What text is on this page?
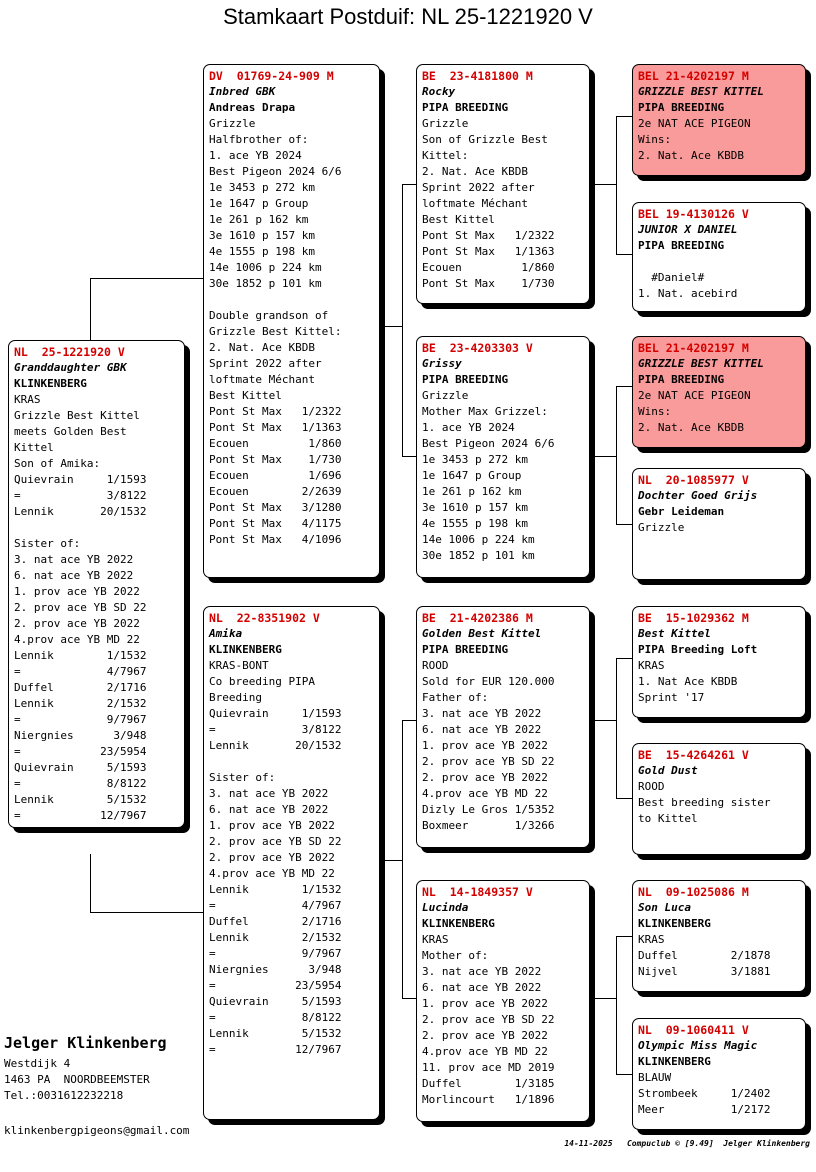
Stamkaart Postduif: NL 25-1221920 V
NL  25-1221920 V
Granddaughter GBK
KLINKENBERG
KRAS
Grizzle Best Kittel
meets Golden Best
Kittel
Son of Amika:
Quievrain     1/1593
=             3/8122
Lennik       20/1532
Sister of:
3. nat ace YB 2022
6. nat ace YB 2022
1. prov ace YB 2022
2. prov ace YB SD 22
2. prov ace YB 2022
4.prov ace YB MD 22
Lennik        1/1532
=             4/7967
Duffel        2/1716
Lennik        2/1532
=             9/7967
Niergnies      3/948
=            23/5954
Quievrain     5/1593
=             8/8122
Lennik        5/1532
=            12/7967
DV  01769-24-909 M
Inbred GBK
Andreas Drapa
Grizzle
Halfbrother of:
1. ace YB 2024
Best Pigeon 2024 6/6
1e 3453 p 272 km
1e 1647 p Group
1e 261 p 162 km
3e 1610 p 157 km
4e 1555 p 198 km
14e 1006 p 224 km
30e 1852 p 101 km
Double grandson of
Grizzle Best Kittel:
2. Nat. Ace KBDB
Sprint 2022 after
loftmate Méchant
Best Kittel
Pont St Max   1/2322
Pont St Max   1/1363
Ecouen         1/860
Pont St Max    1/730
Ecouen         1/696
Ecouen        2/2639
Pont St Max   3/1280
Pont St Max   4/1175
Pont St Max   4/1096
NL  22-8351902 V
Amika
KLINKENBERG
KRAS-BONT
Co breeding PIPA
Breeding
Quievrain     1/1593
=             3/8122
Lennik       20/1532
Sister of:
3. nat ace YB 2022
6. nat ace YB 2022
1. prov ace YB 2022
2. prov ace YB SD 22
2. prov ace YB 2022
4.prov ace YB MD 22
Lennik        1/1532
=             4/7967
Duffel        2/1716
Lennik        2/1532
=             9/7967
Niergnies      3/948
=            23/5954
Quievrain     5/1593
=             8/8122
Lennik        5/1532
=            12/7967
BE  23-4181800 M
Rocky
PIPA BREEDING
Grizzle
Son of Grizzle Best
Kittel:
2. Nat. Ace KBDB
Sprint 2022 after
loftmate Méchant
Best Kittel
Pont St Max   1/2322
Pont St Max   1/1363
Ecouen         1/860
Pont St Max    1/730
BE  23-4203303 V
Grissy
PIPA BREEDING
Grizzle
Mother Max Grizzel:
1. ace YB 2024
Best Pigeon 2024 6/6
1e 3453 p 272 km
1e 1647 p Group
1e 261 p 162 km
3e 1610 p 157 km
4e 1555 p 198 km
14e 1006 p 224 km
30e 1852 p 101 km
BE  21-4202386 M
Golden Best Kittel
PIPA BREEDING
ROOD
Sold for EUR 120.000
Father of:
3. nat ace YB 2022
6. nat ace YB 2022
1. prov ace YB 2022
2. prov ace YB SD 22
2. prov ace YB 2022
4.prov ace YB MD 22
Dizly Le Gros 1/5352
Boxmeer       1/3266
NL  14-1849357 V
Lucinda
KLINKENBERG
KRAS
Mother of:
3. nat ace YB 2022
6. nat ace YB 2022
1. prov ace YB 2022
2. prov ace YB SD 22
2. prov ace YB 2022
4.prov ace YB MD 22
11. prov ace MD 2019
Duffel        1/3185
Morlincourt   1/1896
BEL 21-4202197 M
GRIZZLE BEST KITTEL
PIPA BREEDING
2e NAT ACE PIGEON
Wins:
2. Nat. Ace KBDB
BEL 19-4130126 V
JUNIOR X DANIEL
PIPA BREEDING
#Daniel#
1. Nat. acebird
BEL 21-4202197 M
GRIZZLE BEST KITTEL
PIPA BREEDING
2e NAT ACE PIGEON
Wins:
2. Nat. Ace KBDB
NL  20-1085977 V
Dochter Goed Grijs
Gebr Leideman
Grizzle
BE  15-1029362 M
Best Kittel
PIPA Breeding Loft
KRAS
1. Nat Ace KBDB
Sprint '17
BE  15-4264261 V
Gold Dust
ROOD
Best breeding sister
to Kittel
NL  09-1025086 M
Son Luca
KLINKENBERG
KRAS
Duffel        2/1878
Nijvel        3/1881
NL  09-1060411 V
Olympic Miss Magic
KLINKENBERG
BLAUW
Strombeek     1/2402
Meer          1/2172
Jelger Klinkenberg
Westdijk 4
1463 PA  NOORDBEEMSTER
Tel.:0031612232218
klinkenbergpigeons@gmail.com
14-11-2025   Compuclub © [9.49]  Jelger Klinkenberg
